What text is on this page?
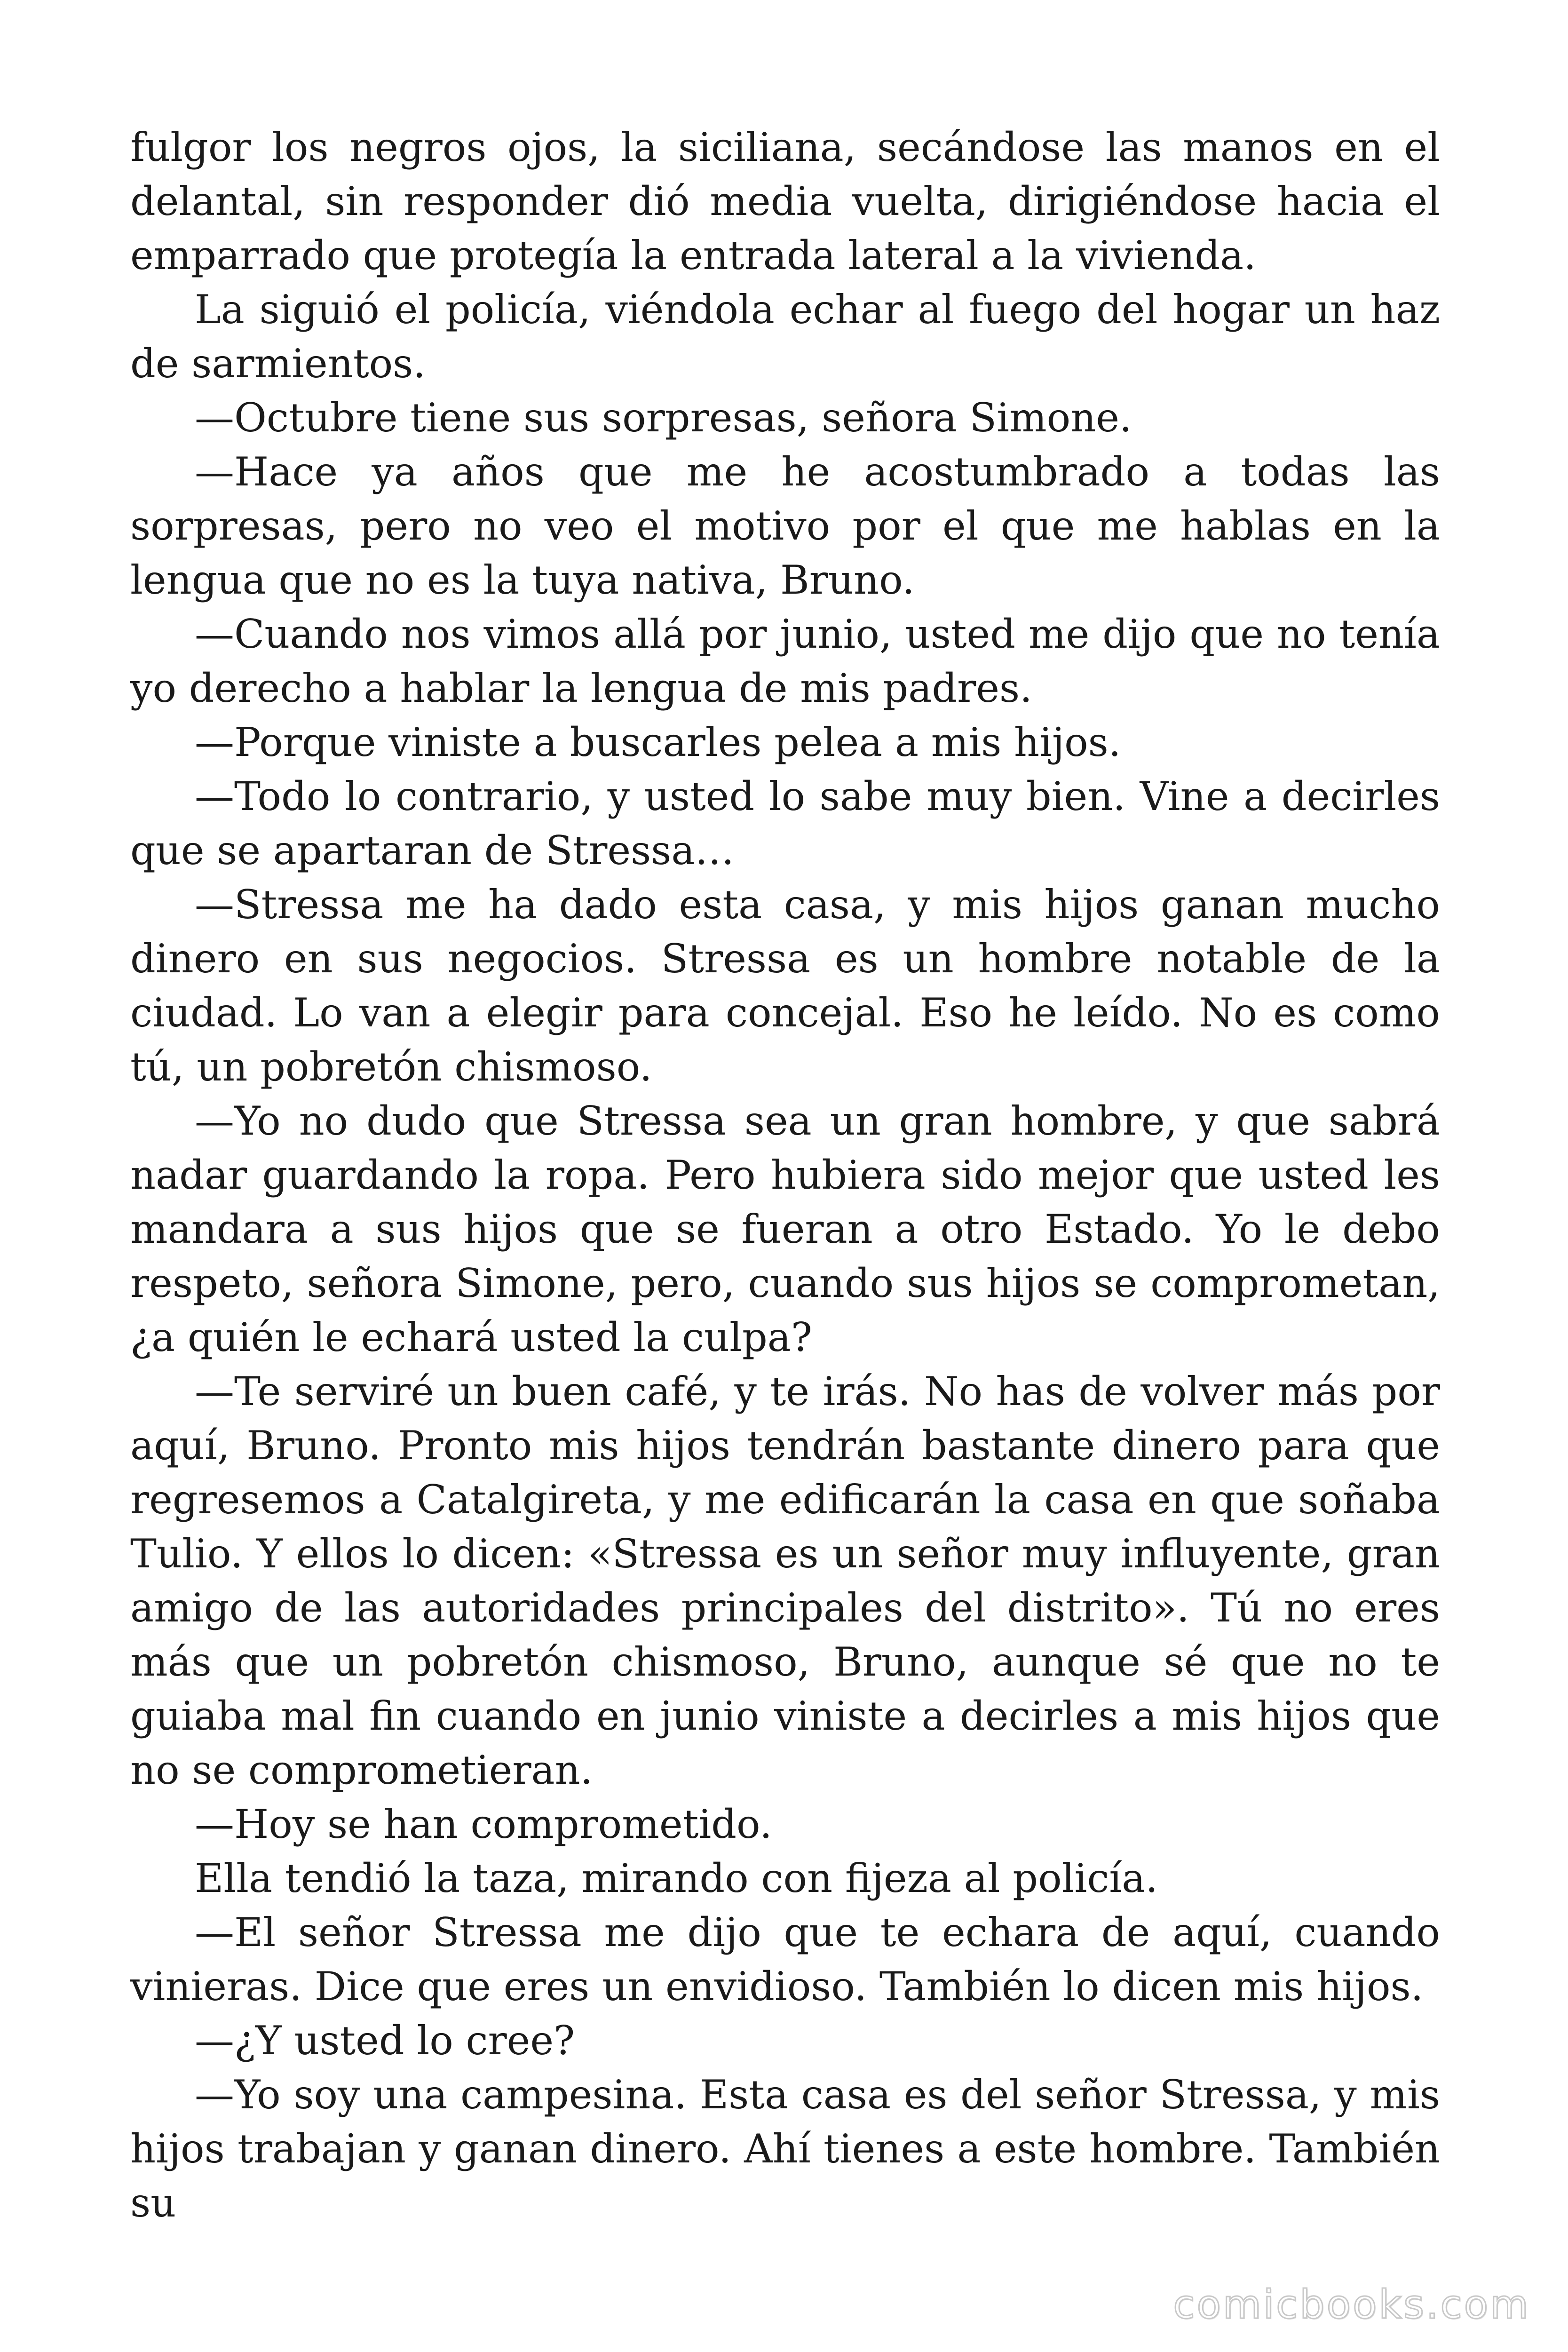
fulgor los negros ojos, la siciliana, secándose las manos en el delantal, sin responder dió media vuelta, dirigiéndose hacia el emparrado que protegía la entrada lateral a la vivienda.

La siguió el policía, viéndola echar al fuego del hogar un haz de sarmientos.

—Octubre tiene sus sorpresas, señora Simone.

—Hace ya años que me he acostumbrado a todas las sorpresas, pero no veo el motivo por el que me hablas en la lengua que no es la tuya nativa, Bruno.

—Cuando nos vimos allá por junio, usted me dijo que no tenía yo derecho a hablar la lengua de mis padres.

—Porque viniste a buscarles pelea a mis hijos.

—Todo lo contrario, y usted lo sabe muy bien. Vine a decirles que se apartaran de Stressa…

—Stressa me ha dado esta casa, y mis hijos ganan mucho dinero en sus negocios. Stressa es un hombre notable de la ciudad. Lo van a elegir para concejal. Eso he leído. No es como tú, un pobretón chismoso.

—Yo no dudo que Stressa sea un gran hombre, y que sabrá nadar guardando la ropa. Pero hubiera sido mejor que usted les mandara a sus hijos que se fueran a otro Estado. Yo le debo respeto, señora Simone, pero, cuando sus hijos se comprometan, ¿a quién le echará usted la culpa?

—Te serviré un buen café, y te irás. No has de volver más por aquí, Bruno. Pronto mis hijos tendrán bastante dinero para que regresemos a Catalgireta, y me edificarán la casa en que soñaba Tulio. Y ellos lo dicen: «Stressa es un señor muy influyente, gran amigo de las autoridades principales del distrito». Tú no eres más que un pobretón chismoso, Bruno, aunque sé que no te guiaba mal fin cuando en junio viniste a decirles a mis hijos que no se comprometieran.

—Hoy se han comprometido.

Ella tendió la taza, mirando con fijeza al policía.

—El señor Stressa me dijo que te echara de aquí, cuando vinieras. Dice que eres un envidioso. También lo dicen mis hijos.

—¿Y usted lo cree?

—Yo soy una campesina. Esta casa es del señor Stressa, y mis hijos trabajan y ganan dinero. Ahí tienes a este hombre. También su

comicbooks.com
